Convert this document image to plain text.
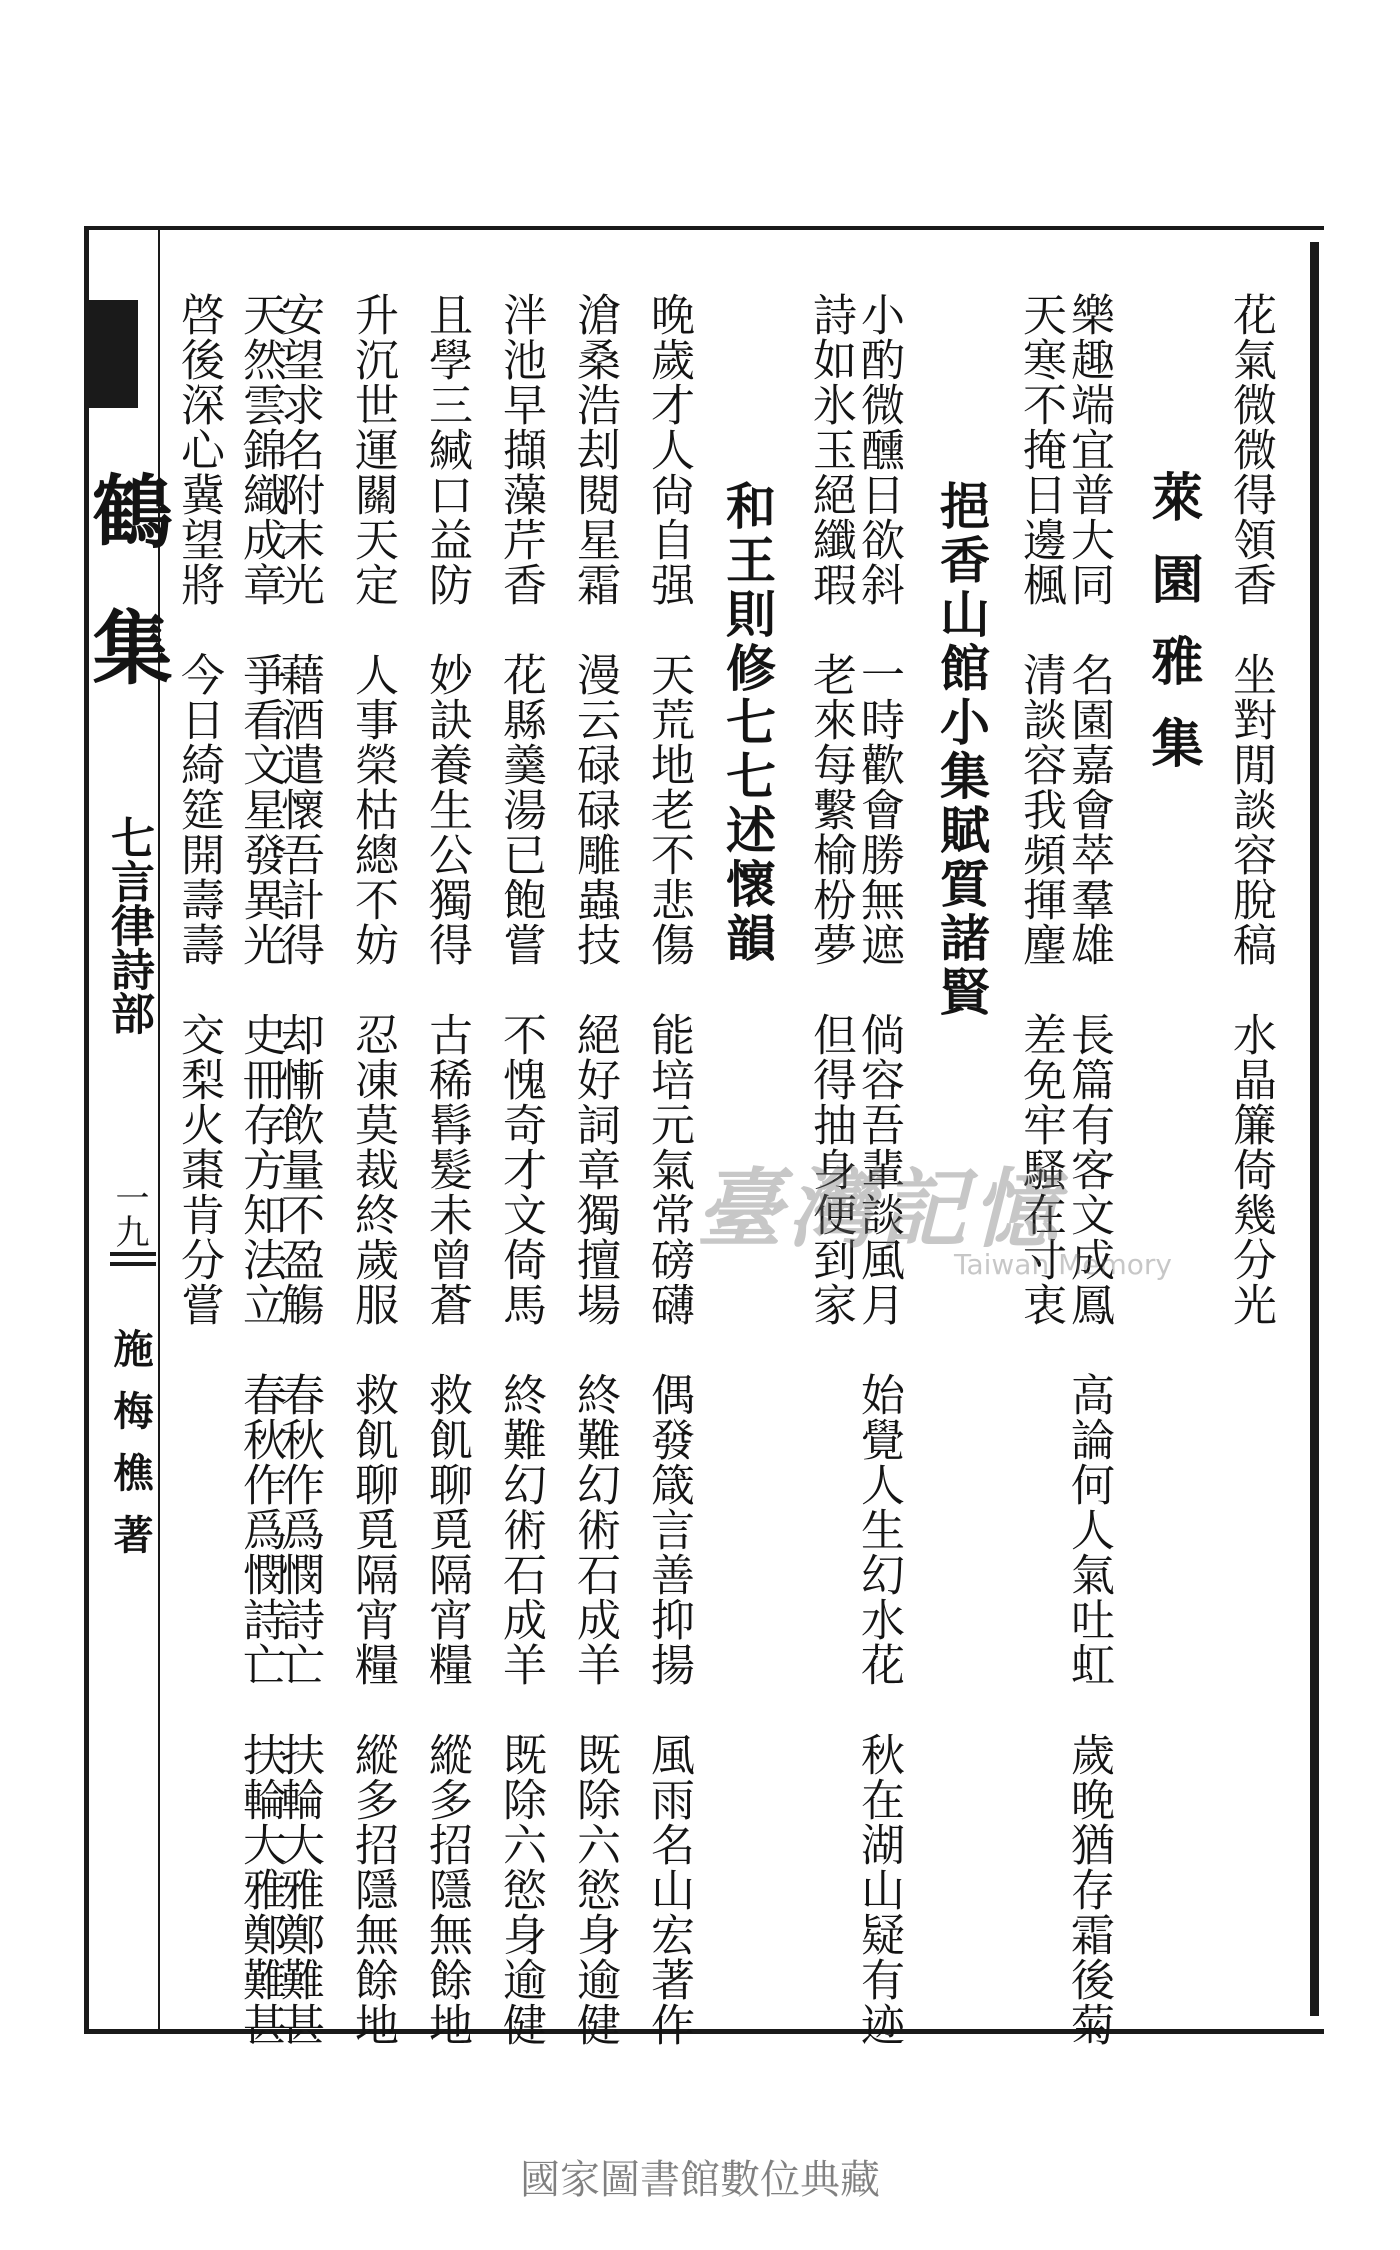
鶴
集
七言律詩部
一九
施梅樵著
花氣微微得領香　坐對閒談容脫稿　水晶簾倚幾分光
萊園雅集
樂趣端宜普大同　名園嘉會萃羣雄　長篇有客文成鳳　高論何人氣吐虹　歲晚猶存霜後菊
天寒不掩日邊楓　清談容我頻揮麈　差免牢騷在寸衷
挹香山館小集賦質諸賢
小酌微醺日欲斜　一時歡會勝無遮　倘容吾輩談風月　始覺人生幻水花　秋在湖山疑有迹
詩如氷玉絕纖瑕　老來每繫榆枌夢　但得抽身便到家
和王則修七七述懷韻
晚歲才人尙自强　天荒地老不悲傷　能培元氣常磅礴　偶發箴言善抑揚　風雨名山宏著作
滄桑浩刦閱星霜　漫云碌碌雕蟲技　絕好詞章獨擅場　終難幻術石成羊　既除六慾身逾健
泮池早擷藻芹香　花縣羹湯已飽嘗　不愧奇才文倚馬　終難幻術石成羊　既除六慾身逾健
且學三緘口益防　妙訣養生公獨得　古稀髥髮未曾蒼　救飢聊覓隔宵糧　縱多招隱無餘地
升沉世運關天定　人事榮枯總不妨　忍凍莫裁終歲服　救飢聊覓隔宵糧　縱多招隱無餘地
安望求名附末光　藉酒遣懷吾計得　却慚飲量不盈觴　春秋作爲憫詩亡　扶輪大雅鄭難甚
天然雲錦織成章　爭看文星發異光　史冊存方知法立　春秋作爲憫詩亡　扶輪大雅鄭難甚
啓後深心冀望將　今日綺筵開壽壽　交梨火棗肯分嘗	臺灣記憶
Taiwan Memory
國家圖書館數位典藏
